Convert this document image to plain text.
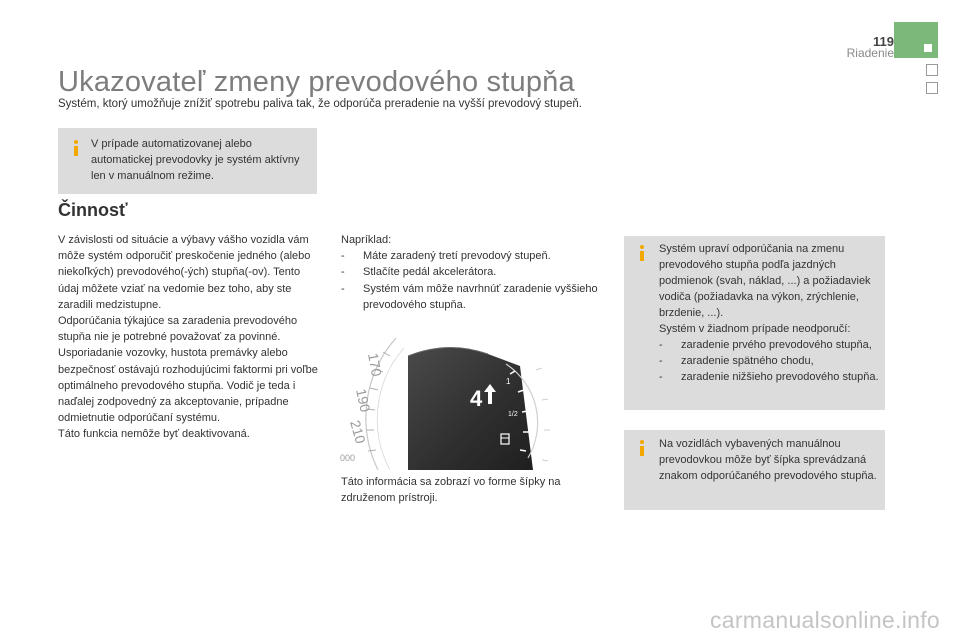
119
Riadenie
Ukazovateľ zmeny prevodového stupňa
Systém, ktorý umožňuje znížiť spotrebu paliva tak, že odporúča preradenie na vyšší prevodový stupeň.
V prípade automatizovanej alebo automatickej prevodovky je systém aktívny len v manuálnom režime.
Činnosť

V závislosti od situácie a výbavy vášho vozidla vám môže systém odporučiť preskočenie jedného (alebo niekoľkých) prevodového(-ých) stupňa(-ov). Tento údaj môžete vziať na vedomie bez toho, aby ste zaradili medzistupne.

Odporúčania týkajúce sa zaradenia prevodového stupňa nie je potrebné považovať za povinné. Usporiadanie vozovky, hustota premávky alebo bezpečnosť ostávajú rozhodujúcimi faktormi pri voľbe optimálneho prevodového stupňa. Vodič je teda i naďalej zodpovedný za akceptovanie, prípadne odmietnutie odporúčaní systému.

Táto funkcia nemôže byť deaktivovaná.

Napríklad:

- Máte zaradený tretí prevodový stupeň.
- Stlačíte pedál akcelerátora.
- Systém vám môže navrhnúť zaradenie vyššieho prevodového stupňa.
170
190
210
000
4
1
1/2
Táto informácia sa zobrazí vo forme šípky na združenom prístroji.

Systém upraví odporúčania na zmenu prevodového stupňa podľa jazdných podmienok (svah, náklad, ...) a požiadaviek vodiča (požiadavka na výkon, zrýchlenie, brzdenie, ...).

Systém v žiadnom prípade neodporučí:

- zaradenie prvého prevodového stupňa,
- zaradenie spätného chodu,
- zaradenie nižšieho prevodového stupňa.
Na vozidlách vybavených manuálnou prevodovkou môže byť šípka sprevádzaná znakom odporúčaného prevodového stupňa.
carmanualsonline.info
